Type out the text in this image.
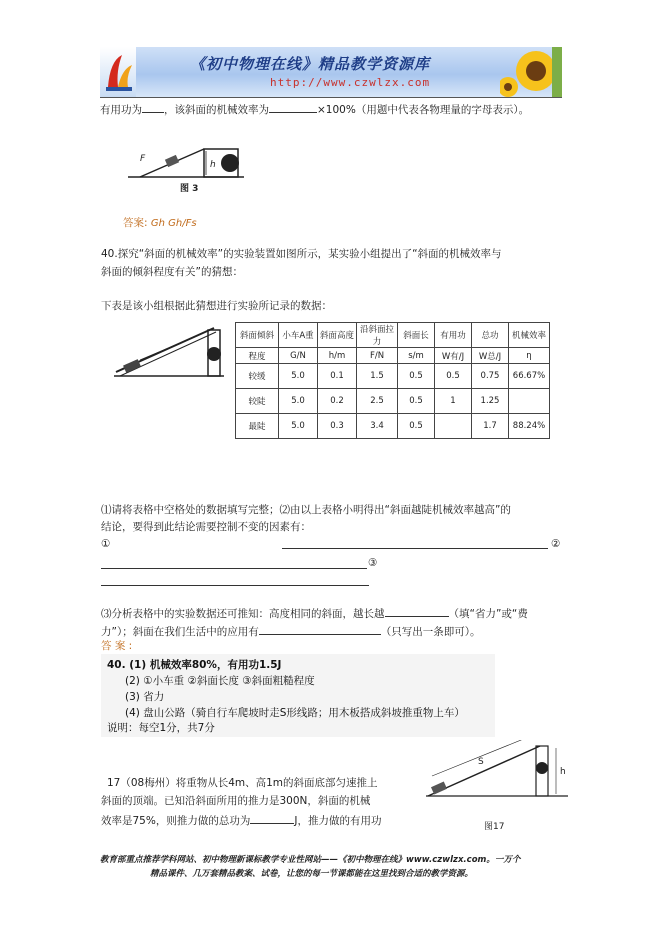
《初中物理在线》精品教学资源库
http://www.czwlzx.com
有用功为 ，该斜面的机械效率为	×100%（用题中代表各物理量的字母表示）。
F
h
图 3
答案: Gh Gh/Fs
40.探究“斜面的机械效率”的实验装置如图所示，某实验小组提出了“斜面的机械效率与
斜面的倾斜程度有关”的猜想：
下表是该小组根据此猜想进行实验所记录的数据：
斜面倾斜	小车A重	斜面高度	沿斜面拉力	斜面长	有用功	总功	机械效率
程度	G/N	h/m	F/N	s/m	W有/J	W总/J	η
较缓	5.0	0.1	1.5	0.5	0.5	0.75	66.67%
较陡	5.0	0.2	2.5	0.5	1	1.25	
最陡	5.0	0.3	3.4	0.5		1.7	88.24%
⑴请将表格中空格处的数据填写完整；⑵由以上表格小明得出“斜面越陡机械效率越高”的
结论，要得到此结论需要控制不变的因素有：
①	②
③
⑶分析表格中的实验数据还可推知：高度相同的斜面，越长越	（填“省力”或“费
力”）；斜面在我们生活中的应用有	（只写出一条即可）。
答 案 :
40. (1) 机械效率80%，有用功1.5J
(2) ①小车重 ②斜面长度 ③斜面粗糙程度
(3) 省力
(4) 盘山公路（骑自行车爬坡时走S形线路；用木板搭成斜坡推重物上车）
说明：每空1分，共7分
17（08梅州）将重物从长4m、高1m的斜面底部匀速推上
斜面的顶端。已知沿斜面所用的推力是300N，斜面的机械
效率是75%，则推力做的总功为	J，推力做的有用功
S
h
图17
教育部重点推荐学科网站、初中物理新课标教学专业性网站——《初中物理在线》www.czwlzx.com。一万个
精品课件、几万套精品教案、试卷，让您的每一节课都能在这里找到合适的教学资源。
